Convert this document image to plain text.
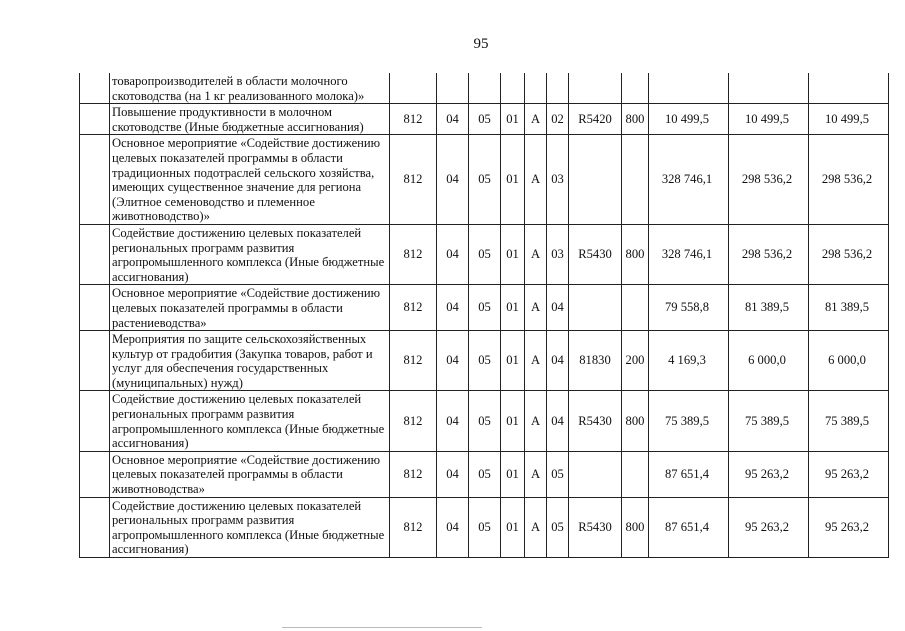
95
	товаропроизводителей в области молочного скотоводства (на 1 кг реализованного молока)»											
	Повышение продуктивности в молочном скотоводстве (Иные бюджетные ассигнования)	812	04	05	01	А	02	R5420	800	10 499,5	10 499,5	10 499,5
	Основное мероприятие «Содействие достижению целевых показателей программы в области традиционных подотраслей сельского хозяйства, имеющих существенное значение для региона (Элитное семеноводство и племенное животноводство)»	812	04	05	01	А	03			328 746,1	298 536,2	298 536,2
	Содействие достижению целевых показателей региональных программ развития агропромышленного комплекса (Иные бюджетные ассигнования)	812	04	05	01	А	03	R5430	800	328 746,1	298 536,2	298 536,2
	Основное мероприятие «Содействие достижению целевых показателей программы в области растениеводства»	812	04	05	01	А	04			79 558,8	81 389,5	81 389,5
	Мероприятия по защите сельскохозяйственных культур от градобития (Закупка товаров, работ и услуг для обеспечения государственных (муниципальных) нужд)	812	04	05	01	А	04	81830	200	4 169,3	6 000,0	6 000,0
	Содействие достижению целевых показателей региональных программ развития агропромышленного комплекса (Иные бюджетные ассигнования)	812	04	05	01	А	04	R5430	800	75 389,5	75 389,5	75 389,5
	Основное мероприятие «Содействие достижению целевых показателей программы в области животноводства»	812	04	05	01	А	05			87 651,4	95 263,2	95 263,2
	Содействие достижению целевых показателей региональных программ развития агропромышленного комплекса (Иные бюджетные ассигнования)	812	04	05	01	А	05	R5430	800	87 651,4	95 263,2	95 263,2
